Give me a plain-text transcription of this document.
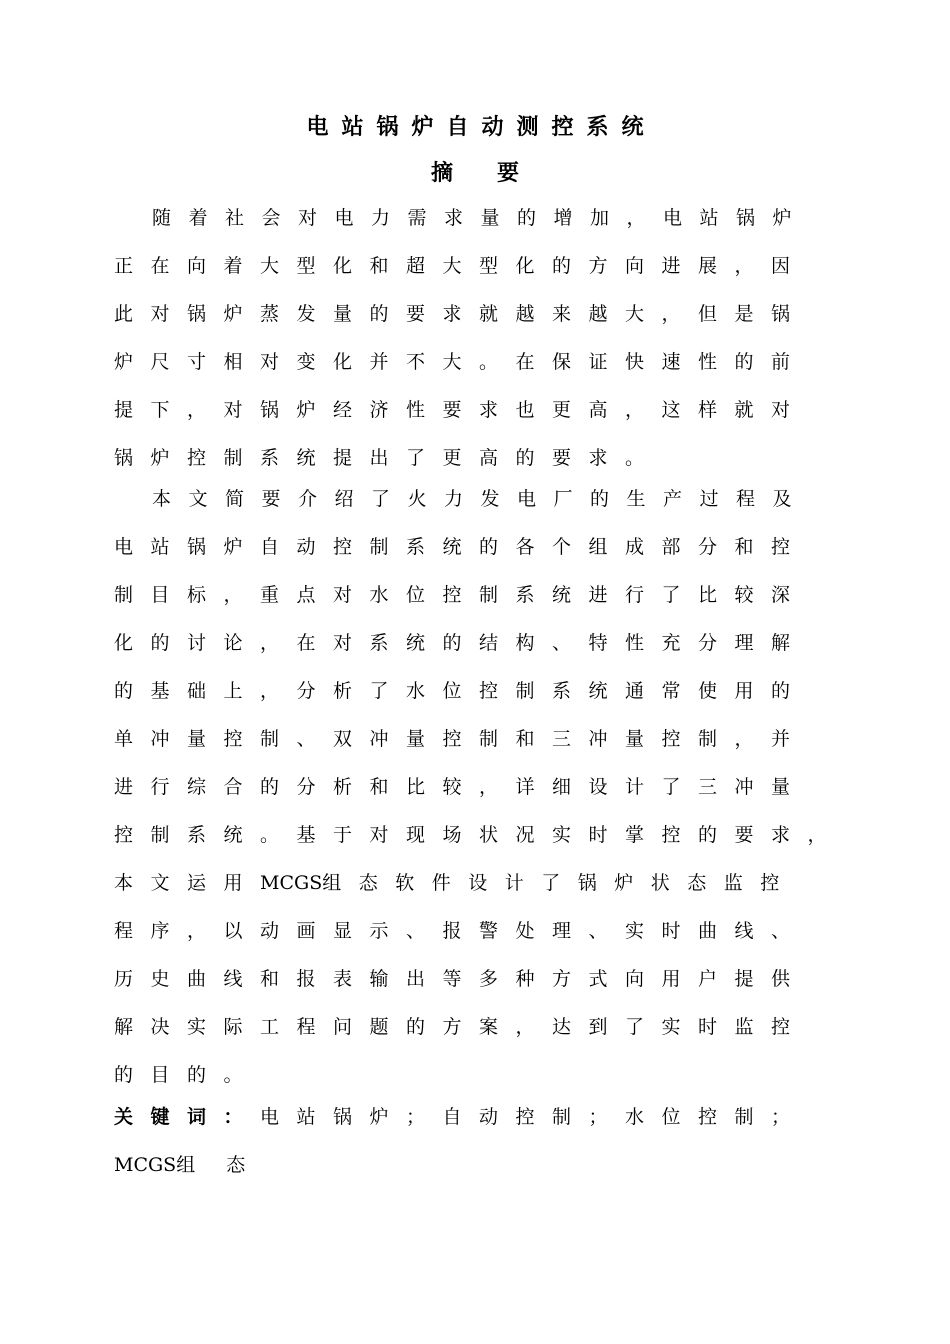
电站锅炉自动测控系统
摘要
随着社会对电力需求量的增加，电站锅炉
正在向着大型化和超大型化的方向进展，因
此对锅炉蒸发量的要求就越来越大，但是锅
炉尺寸相对变化并不大。在保证快速性的前
提下，对锅炉经济性要求也更高，这样就对
锅炉控制系统提出了更高的要求。
本文简要介绍了火力发电厂的生产过程及
电站锅炉自动控制系统的各个组成部分和控
制目标，重点对水位控制系统进行了比较深
化的讨论，在对系统的结构、特性充分理解
的基础上，分析了水位控制系统通常使用的
单冲量控制、双冲量控制和三冲量控制，并
进行综合的分析和比较，详细设计了三冲量
控制系统。基于对现场状况实时掌控的要求，
本文运用MCGS组态软件设计了锅炉状态监控
程序，以动画显示、报警处理、实时曲线、
历史曲线和报表输出等多种方式向用户提供
解决实际工程问题的方案，达到了实时监控
的目的。
关键词：电站锅炉；自动控制；水位控制；
MCGS组　态
